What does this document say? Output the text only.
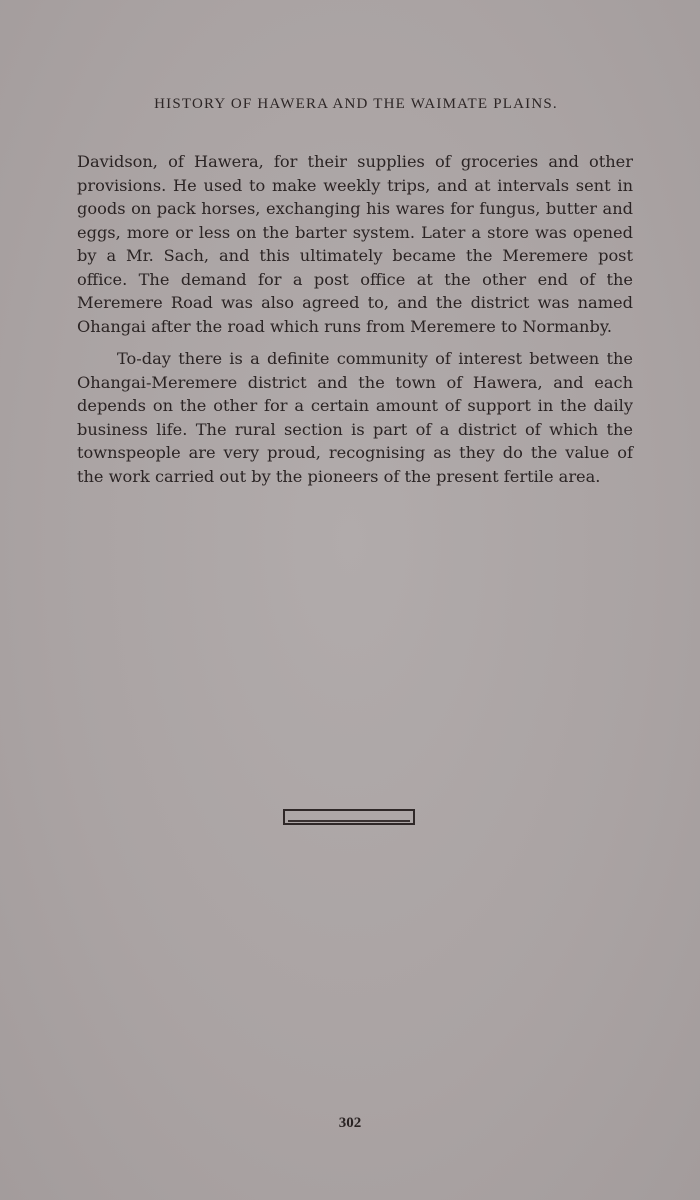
HISTORY OF HAWERA AND THE WAIMATE PLAINS.

Davidson, of Hawera, for their supplies of groceries and other provisions. He used to make weekly trips, and at intervals sent in goods on pack horses, exchanging his wares for fungus, butter and eggs, more or less on the barter system. Later a store was opened by a Mr. Sach, and this ultimately became the Meremere post office. The demand for a post office at the other end of the Meremere Road was also agreed to, and the district was named Ohangai after the road which runs from Meremere to Normanby.

To-day there is a definite community of interest between the Ohangai-Meremere district and the town of Hawera, and each depends on the other for a certain amount of support in the daily business life. The rural section is part of a district of which the townspeople are very proud, recognising as they do the value of the work carried out by the pioneers of the present fertile area.

302
